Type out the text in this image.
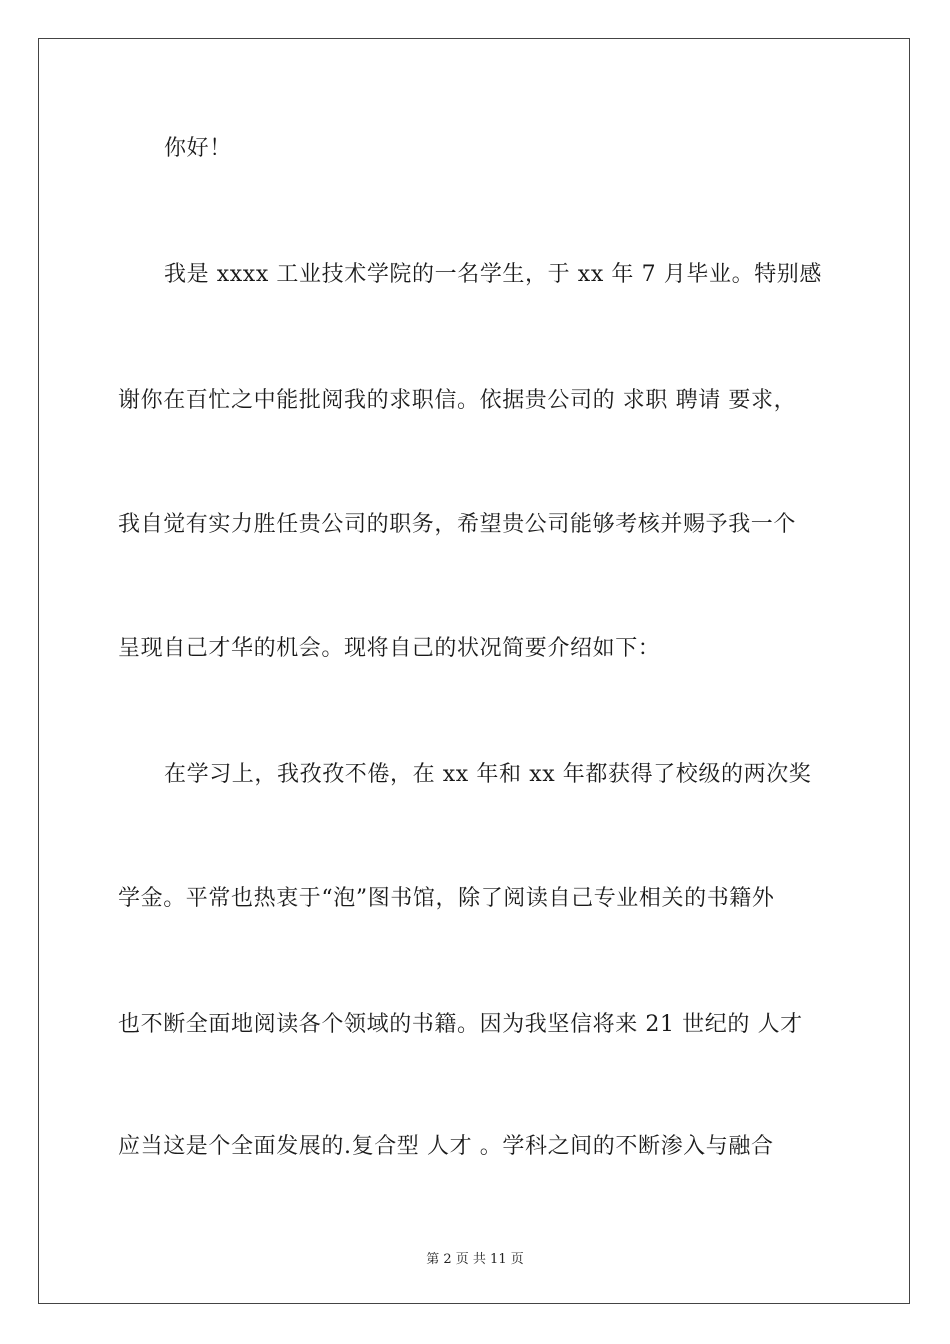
你好！
我是 xxxx 工业技术学院的一名学生，于 xx 年 7 月毕业。特别感
谢你在百忙之中能批阅我的求职信。依据贵公司的 求职 聘请 要求，
我自觉有实力胜任贵公司的职务，希望贵公司能够考核并赐予我一个
呈现自己才华的机会。现将自己的状况简要介绍如下：
在学习上，我孜孜不倦，在 xx 年和 xx 年都获得了校级的两次奖
学金。平常也热衷于“泡”图书馆，除了阅读自己专业相关的书籍外
也不断全面地阅读各个领域的书籍。因为我坚信将来 21 世纪的 人才
应当这是个全面发展的.复合型 人才 。学科之间的不断渗入与融合
第 2 页 共 11 页
